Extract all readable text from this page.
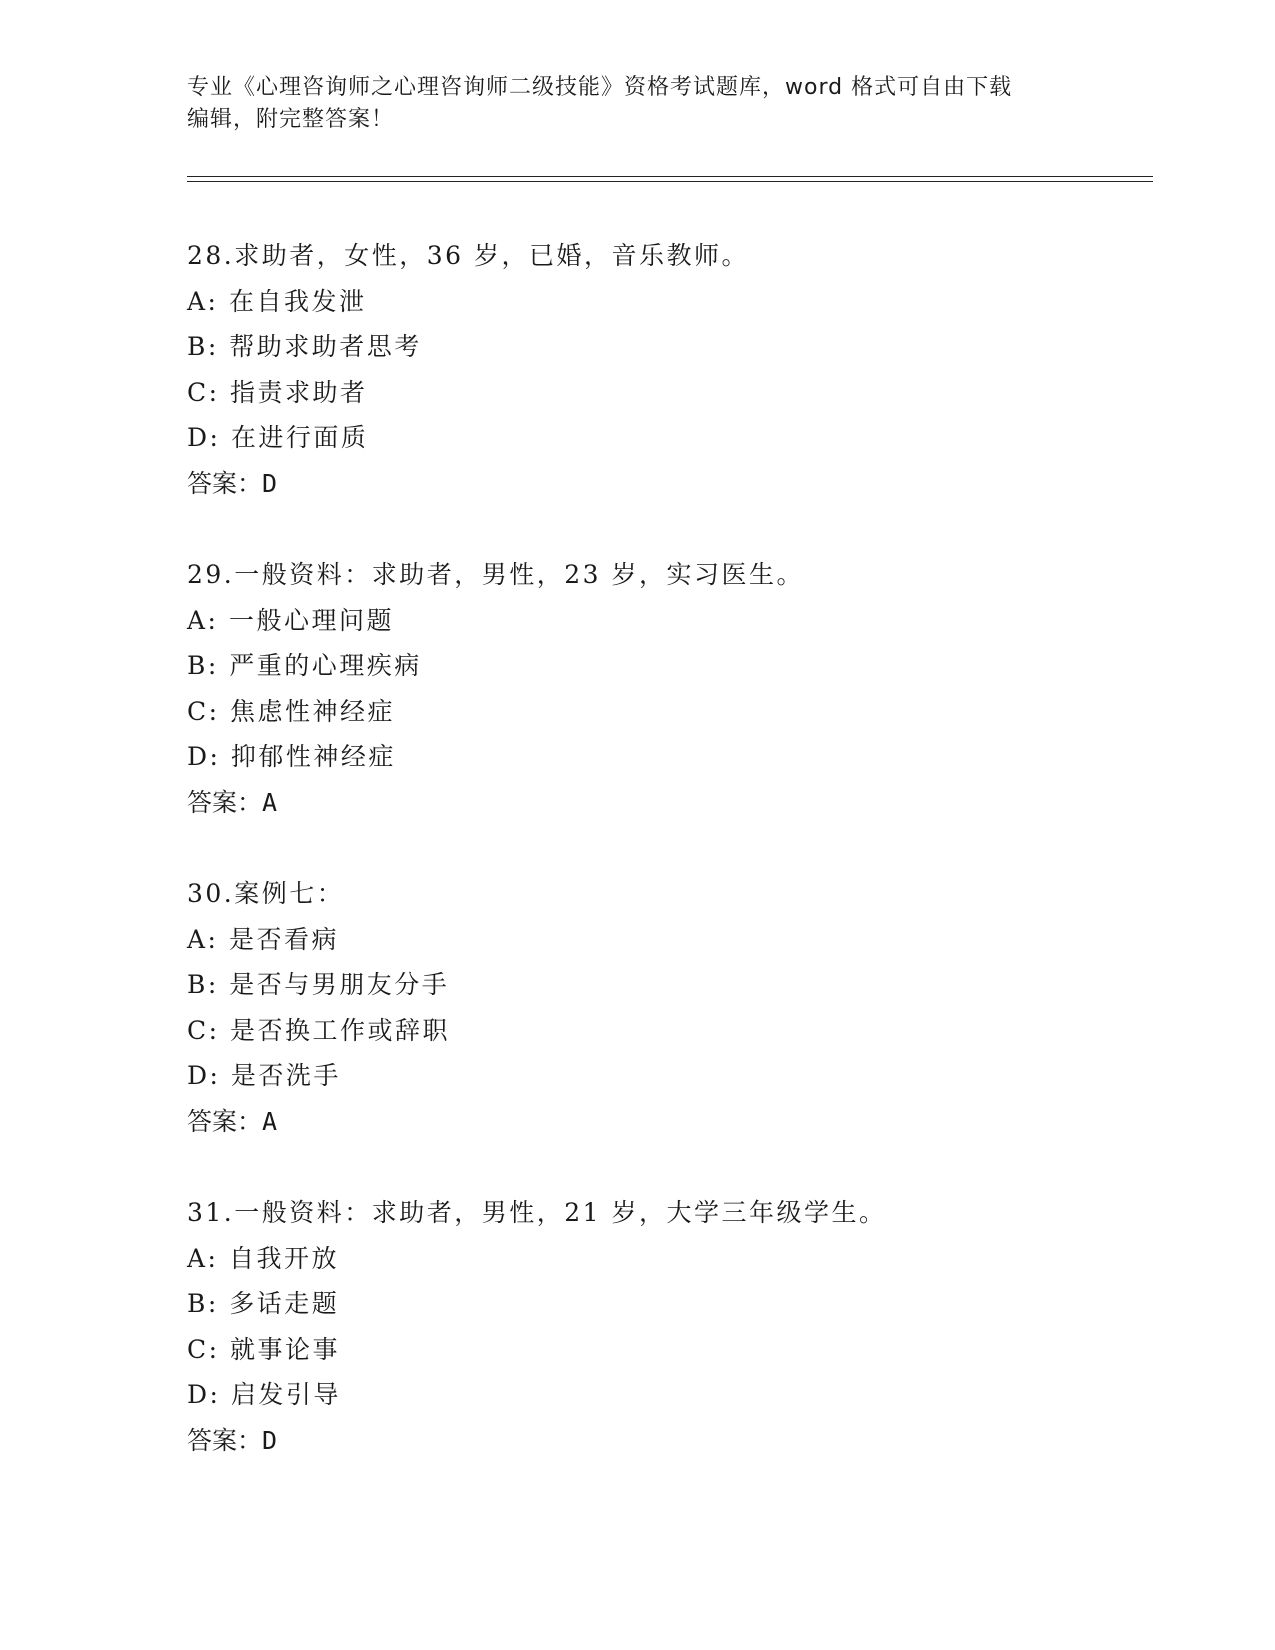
专业《心理咨询师之心理咨询师二级技能》资格考试题库，word 格式可自由下载
编辑，附完整答案！
28.求助者，女性，36 岁，已婚，音乐教师。
A: 在自我发泄
B: 帮助求助者思考
C: 指责求助者
D: 在进行面质
答案：D
29.一般资料：求助者，男性，23 岁，实习医生。
A: 一般心理问题
B: 严重的心理疾病
C: 焦虑性神经症
D: 抑郁性神经症
答案：A
30.案例七：
A: 是否看病
B: 是否与男朋友分手
C: 是否换工作或辞职
D: 是否洗手
答案：A
31.一般资料：求助者，男性，21 岁，大学三年级学生。
A: 自我开放
B: 多话走题
C: 就事论事
D: 启发引导
答案：D
